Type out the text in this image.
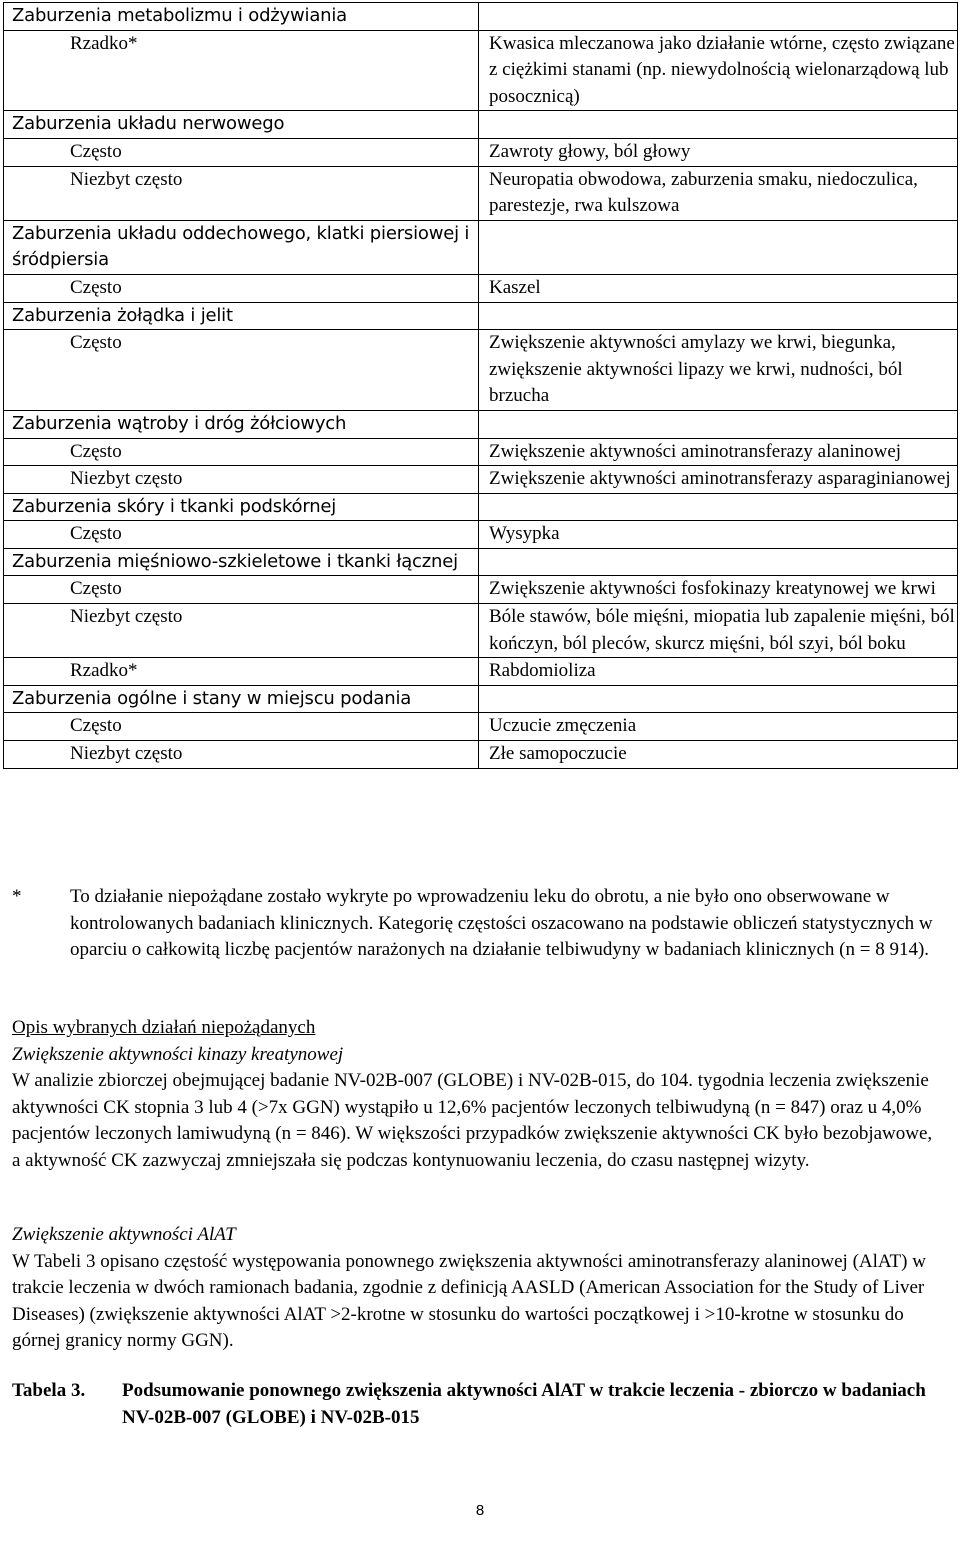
Zaburzenia metabolizmu i odżywiania	
Rzadko*	Kwasica mleczanowa jako działanie wtórne, często związane z ciężkimi stanami (np. niewydolnością wielonarządową lub posocznicą)
Zaburzenia układu nerwowego	
Często	Zawroty głowy, ból głowy
Niezbyt często	Neuropatia obwodowa, zaburzenia smaku, niedoczulica, parestezje, rwa kulszowa
Zaburzenia układu oddechowego, klatki piersiowej i śródpiersia	
Często	Kaszel
Zaburzenia żołądka i jelit	
Często	Zwiększenie aktywności amylazy we krwi, biegunka, zwiększenie aktywności lipazy we krwi, nudności, ból brzucha
Zaburzenia wątroby i dróg żółciowych	
Często	Zwiększenie aktywności aminotransferazy alaninowej
Niezbyt często	Zwiększenie aktywności aminotransferazy asparaginianowej
Zaburzenia skóry i tkanki podskórnej	
Często	Wysypka
Zaburzenia mięśniowo-szkieletowe i tkanki łącznej	
Często	Zwiększenie aktywności fosfokinazy kreatynowej we krwi
Niezbyt często	Bóle stawów, bóle mięśni, miopatia lub zapalenie mięśni, ból kończyn, ból pleców, skurcz mięśni, ból szyi, ból boku
Rzadko*	Rabdomioliza
Zaburzenia ogólne i stany w miejscu podania	
Często	Uczucie zmęczenia
Niezbyt często	Złe samopoczucie
*	To działanie niepożądane zostało wykryte po wprowadzeniu leku do obrotu, a nie było ono obserwowane w kontrolowanych badaniach klinicznych. Kategorię częstości oszacowano na podstawie obliczeń statystycznych w oparciu o całkowitą liczbę pacjentów narażonych na działanie telbiwudyny w badaniach klinicznych (n = 8 914).
Opis wybranych działań niepożądanych
Zwiększenie aktywności kinazy kreatynowej
W analizie zbiorczej obejmującej badanie NV-02B-007 (GLOBE) i NV-02B-015, do 104. tygodnia leczenia zwiększenie aktywności CK stopnia 3 lub 4 (>7x GGN) wystąpiło u 12,6% pacjentów leczonych telbiwudyną (n = 847) oraz u 4,0% pacjentów leczonych lamiwudyną (n = 846). W większości przypadków zwiększenie aktywności CK było bezobjawowe, a aktywność CK zazwyczaj zmniejszała się podczas kontynuowaniu leczenia, do czasu następnej wizyty.
Zwiększenie aktywności AlAT
W Tabeli 3 opisano częstość występowania ponownego zwiększenia aktywności aminotransferazy alaninowej (AlAT) w trakcie leczenia w dwóch ramionach badania, zgodnie z definicją AASLD (American Association for the Study of Liver Diseases) (zwiększenie aktywności AlAT >2-krotne w stosunku do wartości początkowej i >10-krotne w stosunku do górnej granicy normy GGN).
Tabela 3.	Podsumowanie ponownego zwiększenia aktywności AlAT w trakcie leczenia - zbiorczo w badaniach NV-02B-007 (GLOBE) i NV-02B-015
8
